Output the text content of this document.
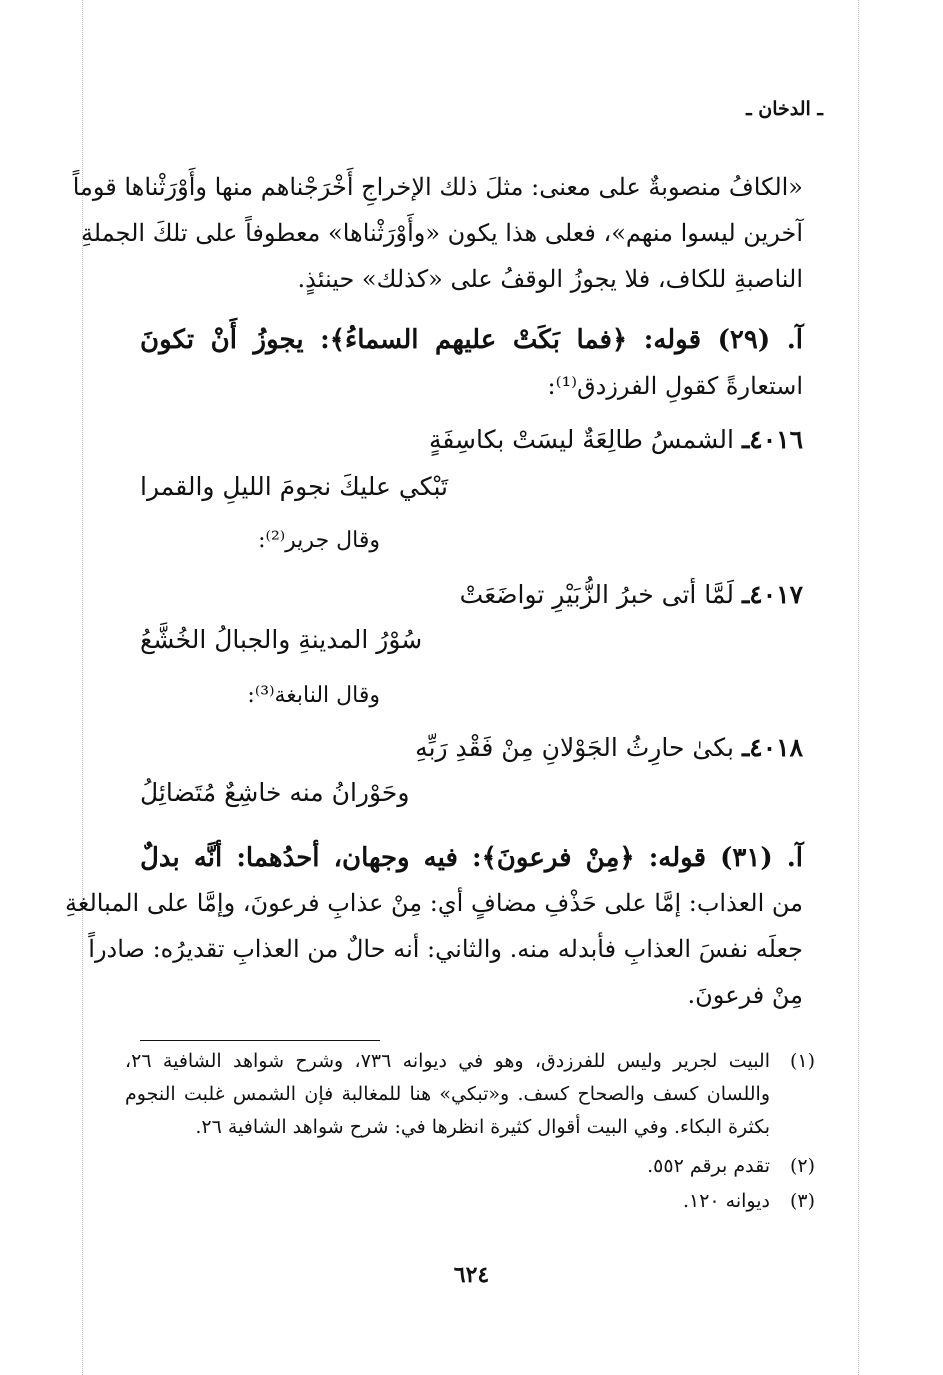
ـ الدخان ـ
«الكافُ منصوبةٌ على معنى: مثلَ ذلك الإخراجِ أَخْرَجْناهم منها وأَوْرَثْناها قوماً
آخرين ليسوا منهم»، فعلى هذا يكون «وأَوْرَثْناها» معطوفاً على تلكَ الجملةِ
الناصبةِ للكاف، فلا يجوزُ الوقفُ على «كذلك» حينئذٍ.
آ. (٢٩) قوله: ﴿فما بَكَتْ عليهم السماءُ﴾: يجوزُ أَنْ تكونَ
استعارةً كقولِ الفرزدق⁽¹⁾:
٤٠١٦ـ الشمسُ طالِعَةٌ ليسَتْ بكاسِفَةٍ
تَبْكي عليكَ نجومَ الليلِ والقمرا
وقال جرير⁽²⁾:
٤٠١٧ـ لَمَّا أتى خبرُ الزُّبَيْرِ تواضَعَتْ
سُوْرُ المدينةِ والجبالُ الخُشَّعُ
وقال النابغة⁽³⁾:
٤٠١٨ـ بكىٰ حارِثُ الجَوْلانِ مِنْ فَقْدِ رَبِّهِ
وحَوْرانُ منه خاشِعٌ مُتَضائِلُ
آ. (٣١) قوله: ﴿مِنْ فرعونَ﴾: فيه وجهان، أحدُهما: أنَّه بدلٌ
من العذاب: إمَّا على حَذْفِ مضافٍ أي: مِنْ عذابِ فرعونَ، وإمَّا على المبالغةِ
جعلَه نفسَ العذابِ فأبدله منه. والثاني: أنه حالٌ من العذابِ تقديرُه: صادراً
مِنْ فرعونَ.
(١)
البيت لجرير وليس للفرزدق، وهو في ديوانه ٧٣٦، وشرح شواهد الشافية ٢٦،
واللسان كسف والصحاح كسف. و«تبكي» هنا للمغالبة فإن الشمس غلبت النجوم
بكثرة البكاء. وفي البيت أقوال كثيرة انظرها في: شرح شواهد الشافية ٢٦.
(٢)
تقدم برقم ٥٥٢.
(٣)
ديوانه ١٢٠.
٦٢٤
